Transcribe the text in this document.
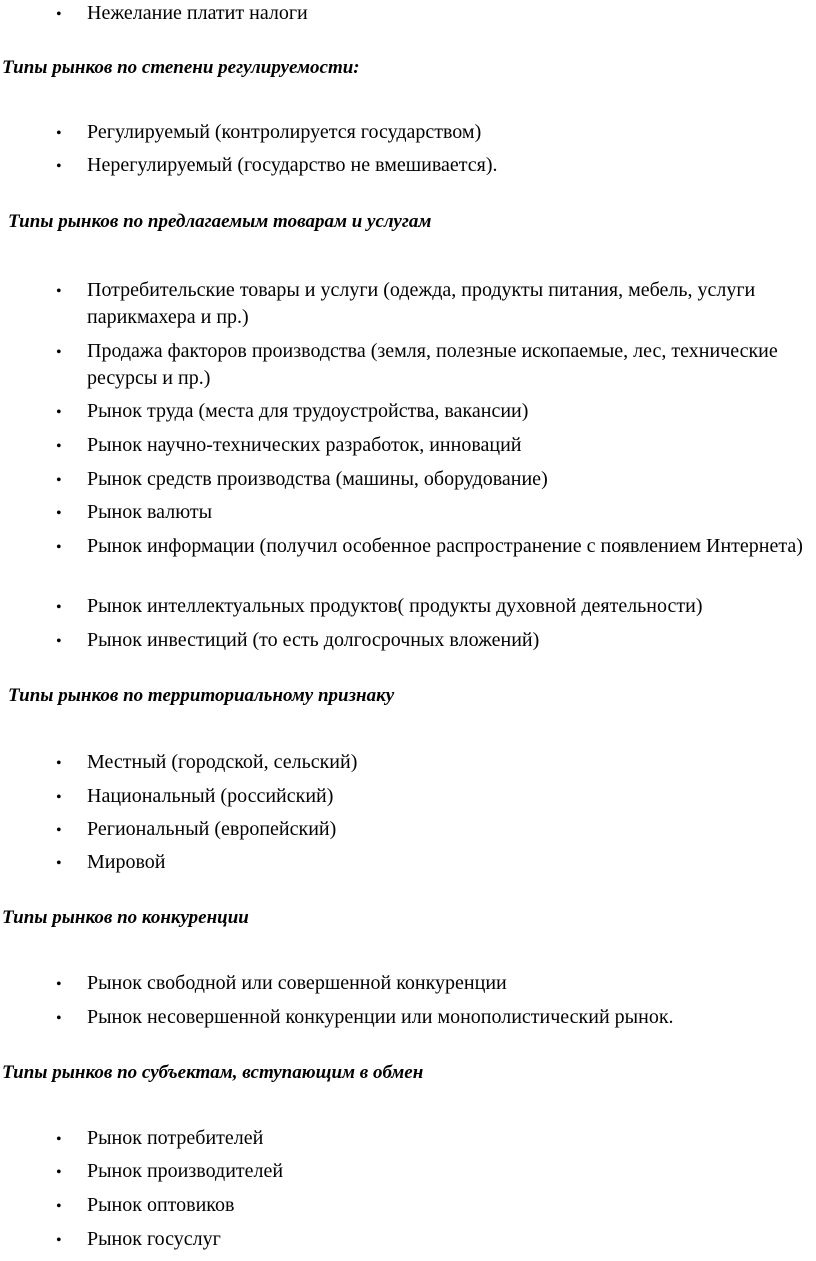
• Нежелание платит налоги
Типы рынков по степени регулируемости:
• Регулируемый (контролируется государством)
• Нерегулируемый (государство не вмешивается).
Типы рынков по предлагаемым товарам и услугам
• Потребительские товары и услуги (одежда, продукты питания, мебель, услуги парикмахера и пр.)
• Продажа факторов производства (земля, полезные ископаемые, лес, технические ресурсы и пр.)
• Рынок труда (места для трудоустройства, вакансии)
• Рынок научно-технических разработок, инноваций
• Рынок средств производства (машины, оборудование)
• Рынок валюты
• Рынок информации (получил особенное распространение с появлением Интернета)
• Рынок интеллектуальных продуктов( продукты духовной деятельности)
• Рынок инвестиций (то есть долгосрочных вложений)
Типы рынков по территориальному признаку
• Местный (городской, сельский)
• Национальный (российский)
• Региональный (европейский)
• Мировой
Типы рынков по конкуренции
• Рынок свободной или совершенной конкуренции
• Рынок несовершенной конкуренции или монополистический рынок.
Типы рынков по субъектам, вступающим в обмен
• Рынок потребителей
• Рынок производителей
• Рынок оптовиков
• Рынок госуслуг
